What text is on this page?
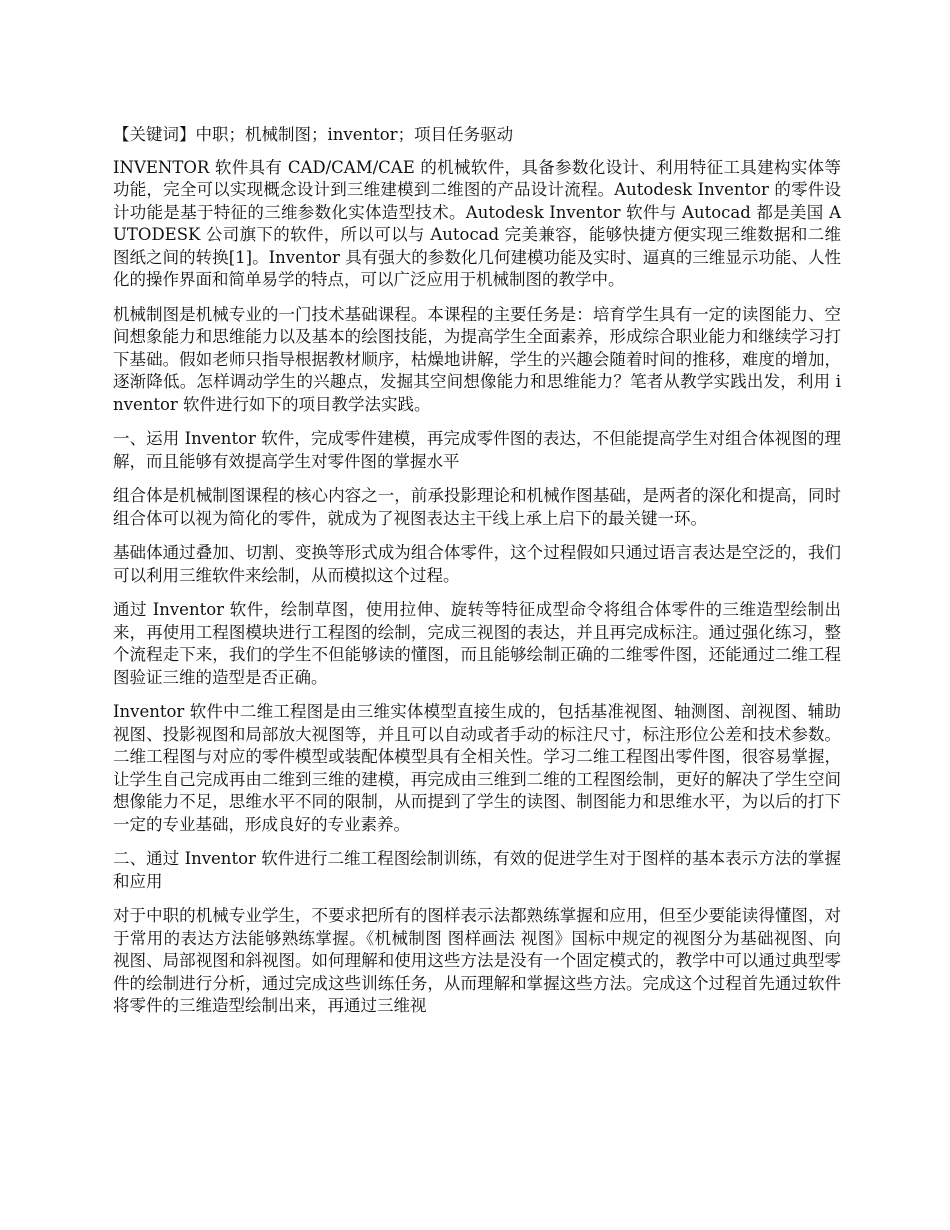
【关键词】中职；机械制图；inventor；项目任务驱动

INVENTOR 软件具有 CAD/CAM/CAE 的机械软件，具备参数化设计、利用特征工具建构实体等功能，完全可以实现概念设计到三维建模到二维图的产品设计流程。Autodesk Inventor 的零件设计功能是基于特征的三维参数化实体造型技术。Autodesk Inventor 软件与 Autocad 都是美国 AUTODESK 公司旗下的软件，所以可以与 Autocad 完美兼容，能够快捷方便实现三维数据和二维图纸之间的转换[1]。Inventor 具有强大的参数化几何建模功能及实时、逼真的三维显示功能、人性化的操作界面和简单易学的特点，可以广泛应用于机械制图的教学中。

机械制图是机械专业的一门技术基础课程。本课程的主要任务是：培育学生具有一定的读图能力、空间想象能力和思维能力以及基本的绘图技能，为提高学生全面素养，形成综合职业能力和继续学习打下基础。假如老师只指导根据教材顺序，枯燥地讲解，学生的兴趣会随着时间的推移，难度的增加，逐渐降低。怎样调动学生的兴趣点，发掘其空间想像能力和思维能力？笔者从教学实践出发，利用 inventor 软件进行如下的项目教学法实践。

一、运用 Inventor 软件，完成零件建模，再完成零件图的表达，不但能提高学生对组合体视图的理解，而且能够有效提高学生对零件图的掌握水平

组合体是机械制图课程的核心内容之一，前承投影理论和机械作图基础，是两者的深化和提高，同时组合体可以视为简化的零件，就成为了视图表达主干线上承上启下的最关键一环。

基础体通过叠加、切割、变换等形式成为组合体零件，这个过程假如只通过语言表达是空泛的，我们可以利用三维软件来绘制，从而模拟这个过程。

通过 Inventor 软件，绘制草图，使用拉伸、旋转等特征成型命令将组合体零件的三维造型绘制出来，再使用工程图模块进行工程图的绘制，完成三视图的表达，并且再完成标注。通过强化练习，整个流程走下来，我们的学生不但能够读的懂图，而且能够绘制正确的二维零件图，还能通过二维工程图验证三维的造型是否正确。

Inventor 软件中二维工程图是由三维实体模型直接生成的，包括基准视图、轴测图、剖视图、辅助视图、投影视图和局部放大视图等，并且可以自动或者手动的标注尺寸，标注形位公差和技术参数。二维工程图与对应的零件模型或装配体模型具有全相关性。学习二维工程图出零件图，很容易掌握，让学生自己完成再由二维到三维的建模，再完成由三维到二维的工程图绘制，更好的解决了学生空间想像能力不足，思维水平不同的限制，从而提到了学生的读图、制图能力和思维水平，为以后的打下一定的专业基础，形成良好的专业素养。

二、通过 Inventor 软件进行二维工程图绘制训练，有效的促进学生对于图样的基本表示方法的掌握和应用

对于中职的机械专业学生，不要求把所有的图样表示法都熟练掌握和应用，但至少要能读得懂图，对于常用的表达方法能够熟练掌握。《机械制图 图样画法 视图》国标中规定的视图分为基础视图、向视图、局部视图和斜视图。如何理解和使用这些方法是没有一个固定模式的，教学中可以通过典型零件的绘制进行分析，通过完成这些训练任务，从而理解和掌握这些方法。完成这个过程首先通过软件将零件的三维造型绘制出来，再通过三维视
